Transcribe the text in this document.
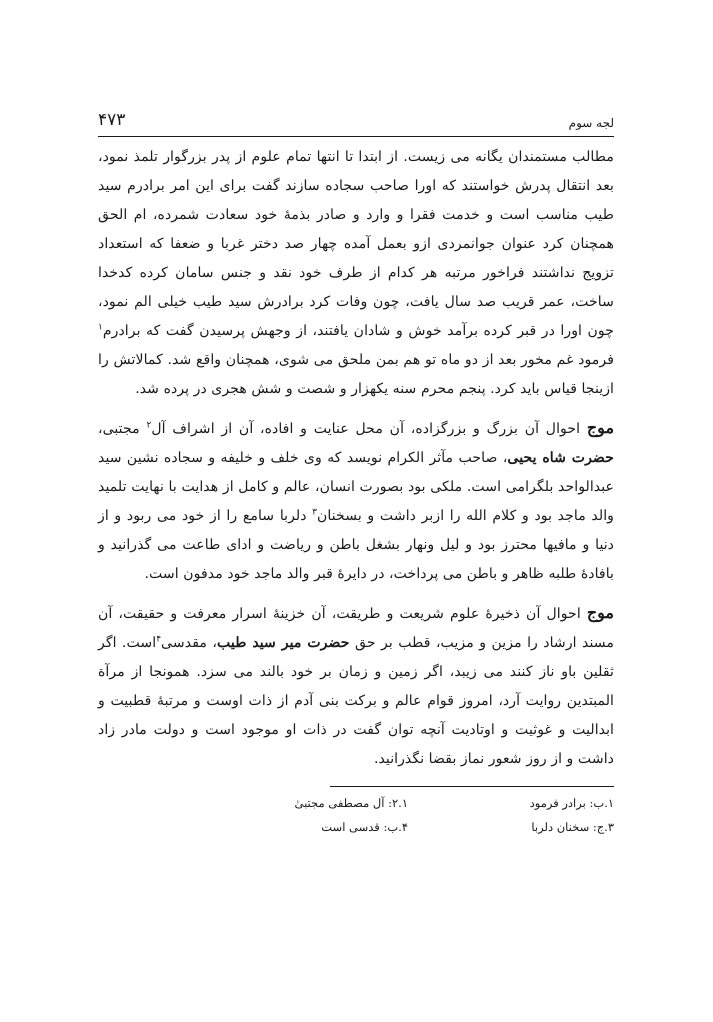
لجه سوم
۴۷۳

مطالب مستمندان یگانه می زیست. از ابتدا تا انتها تمام علوم از پدر بزرگوار تلمذ نمود، بعد انتقال پدرش خواستند که اورا صاحب سجاده سازند گفت برای این امر برادرم سید طیب مناسب است و خدمت فقرا و وارد و صادر بذمهٔ خود سعادت شمرده، ام الحق همچنان کرد عنوان جوانمردی ازو بعمل آمده چهار صد دختر غربا و ضعفا که استعداد تزویج نداشتند فراخور مرتبه هر کدام از طرف خود نقد و جنس سامان کرده کدخدا ساخت، عمر قریب صد سال یافت، چون وفات کرد برادرش سید طیب خیلی الم نمود، چون اورا در قبر کرده برآمد خوش و شادان یافتند، از وجهش پرسیدن گفت که برادرم$^۱$ فرمود غم مخور بعد از دو ماه تو هم بمن ملحق می شوی، همچنان واقع شد. کمالاتش را ازینجا قیاس باید کرد. پنجم محرم سنه یکهزار و شصت و شش هجری در پرده شد.

موج احوال آن بزرگ و بزرگزاده، آن محل عنایت و افاده، آن از اشراف آل$^۲$ مجتبی، حضرت شاه یحیی، صاحب مآثر الکرام نویسد که وی خلف و خلیفه و سجاده نشین سید عبدالواحد بلگرامی است. ملکی بود بصورت انسان، عالم و کامل از هدایت با نهایت تلمید والد ماجد بود و کلام الله را ازبر داشت و بسخنان$^۳$ دلربا سامع را از خود می ربود و از دنیا و مافیها محترز بود و لیل ونهار بشغل باطن و ریاضت و ادای طاعت می گذرانید و بافادهٔ طلبه ظاهر و باطن می پرداخت، در دایرهٔ قبر والد ماجد خود مدفون است.

موج احوال آن ذخیرهٔ علوم شریعت و طریقت، آن خزینهٔ اسرار معرفت و حقیقت، آن مسند ارشاد را مزین و مزیب، قطب بر حق حضرت میر سید طیب، مقدسی$^۴$است. اگر ثقلین باو ناز کنند می زیبد، اگر زمین و زمان بر خود بالند می سزد. همونجا از مرآة المبتدین روایت آرد، امروز قوام عالم و برکت بنی آدم از ذات اوست و مرتبهٔ قطبیت و ابدالیت و غوثیت و اوتادیت آنچه توان گفت در ذات او موجود است و دولت مادر زاد داشت و از روز شعور نماز بقضا نگذرانید.

۱.ب: برادر فرمود
۲.۱: آل مصطفی مجتبیٰ
۳.ج: سخنان دلربا
۴.ب: قدسی است
